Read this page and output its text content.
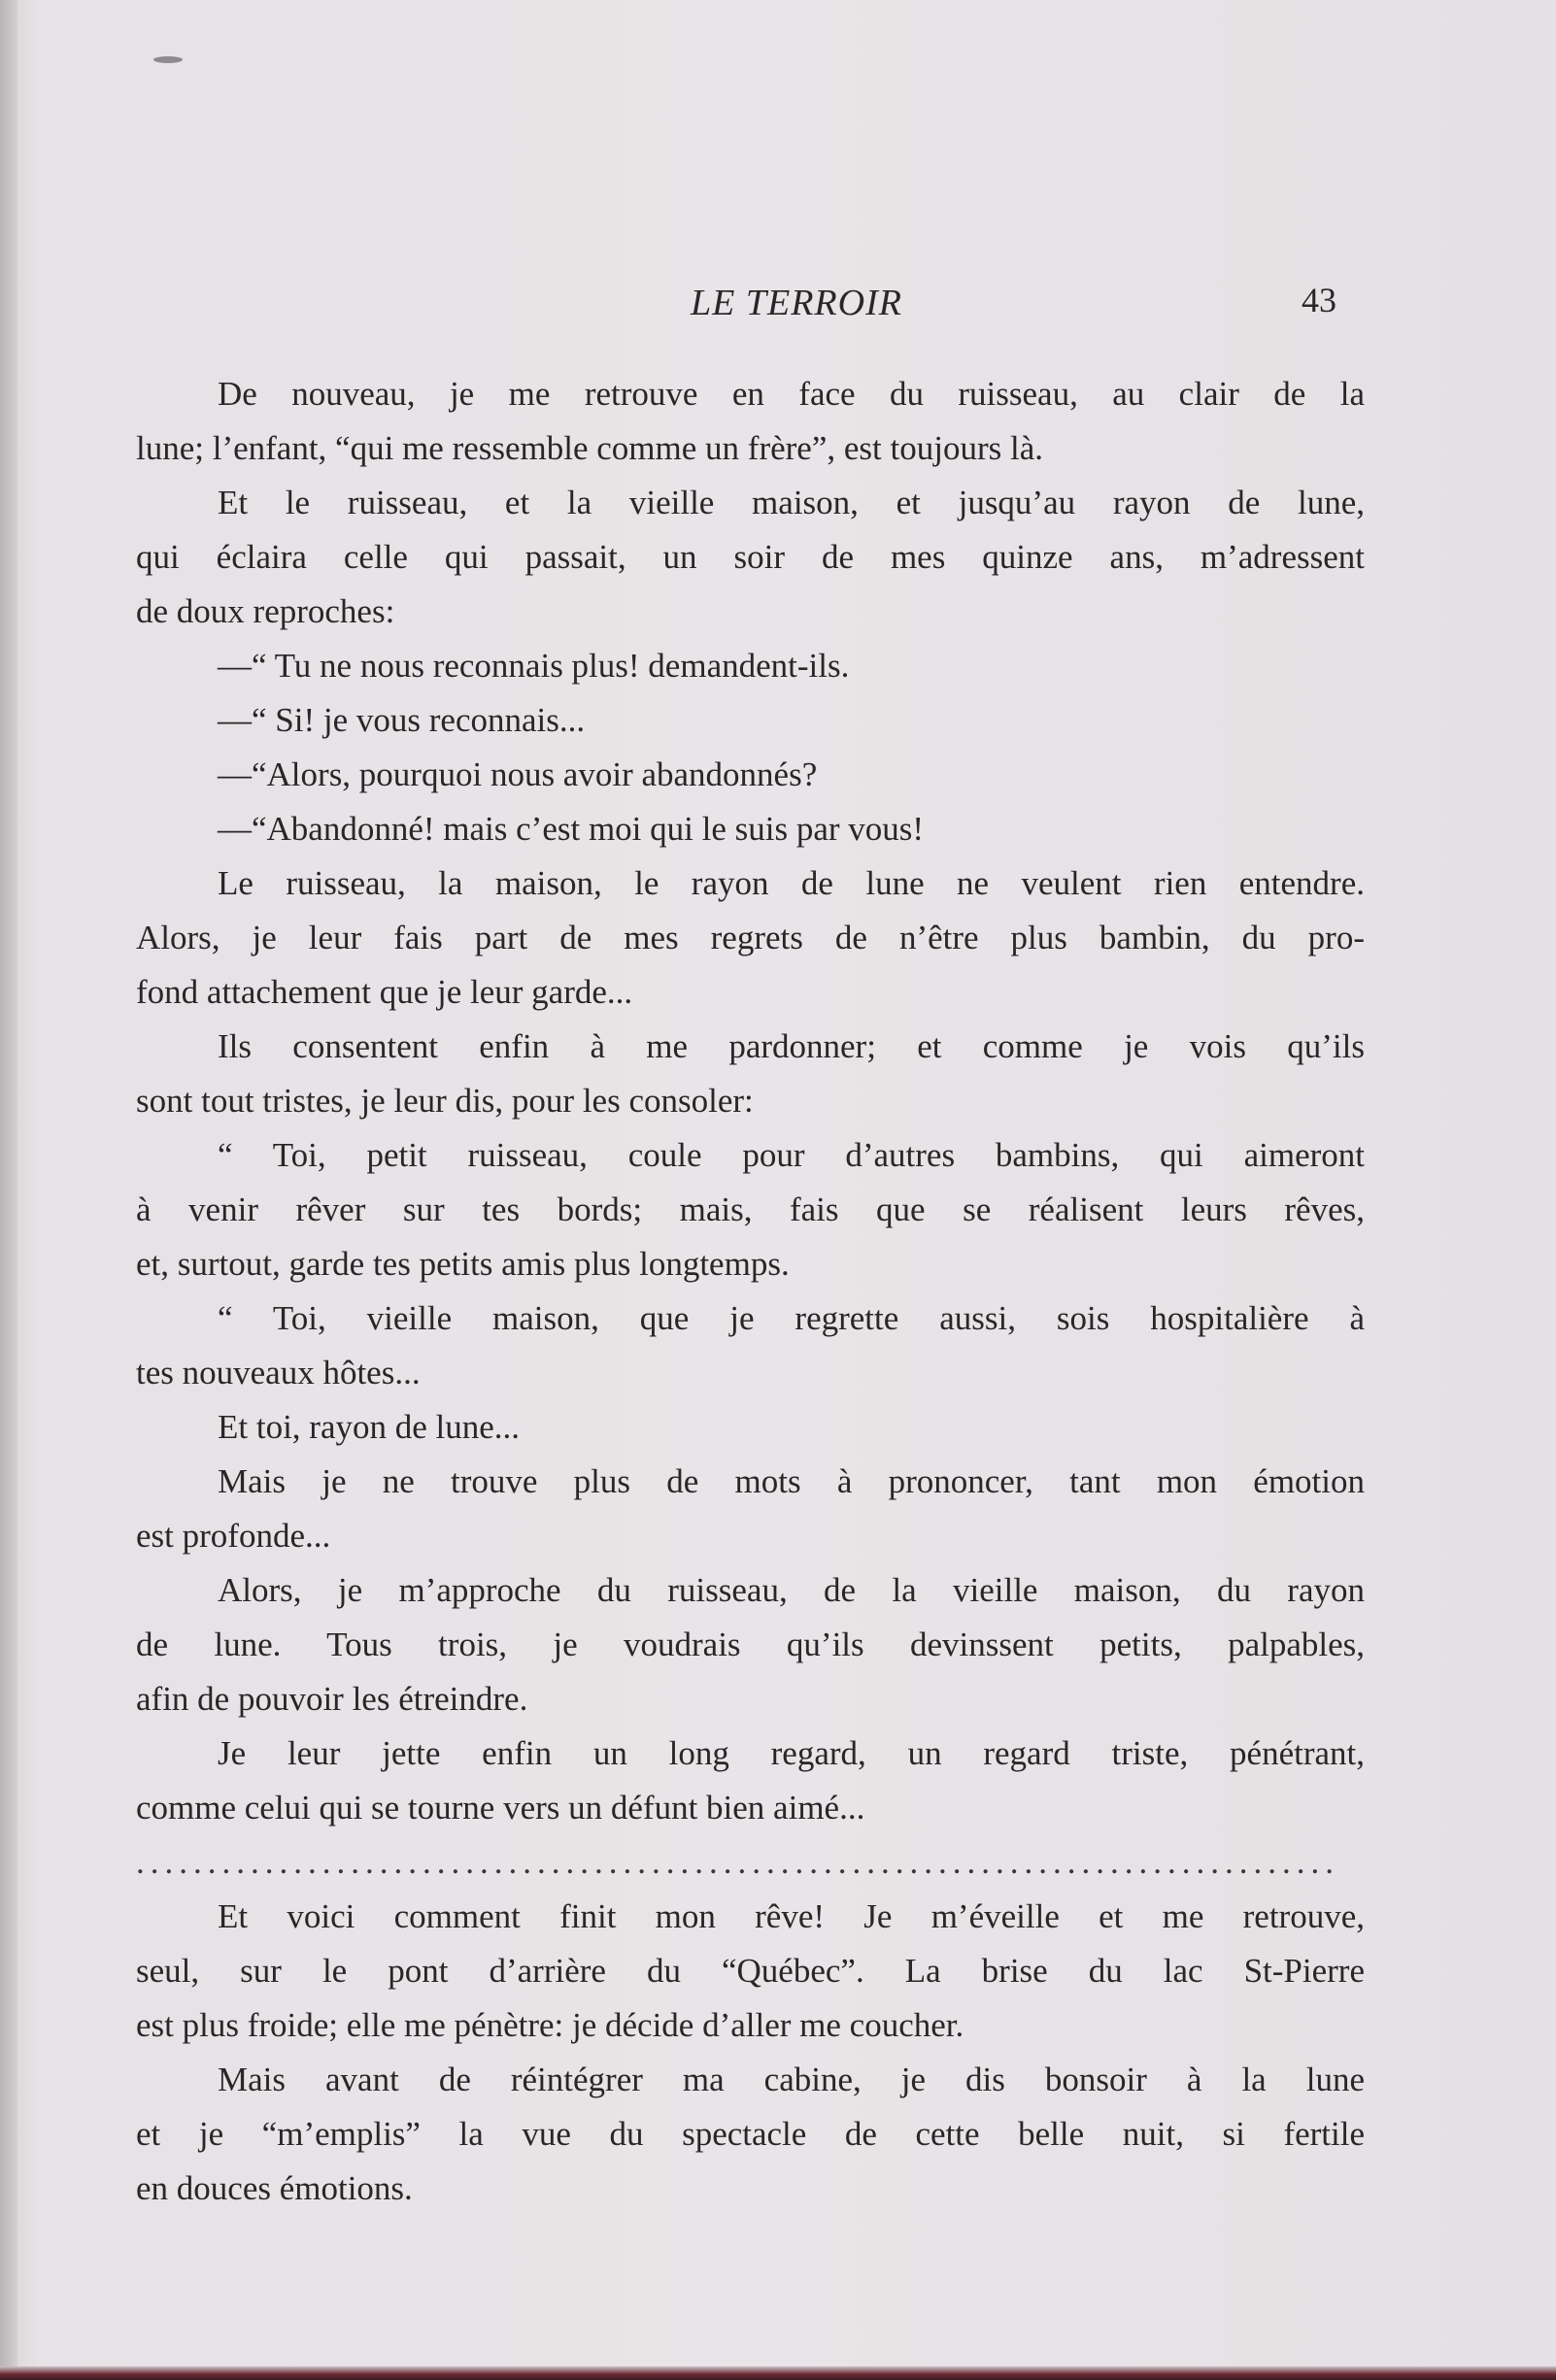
LE TERROIR	43
De nouveau, je me retrouve en face du ruisseau, au clair de la
lune; l’enfant, “qui me ressemble comme un frère”, est toujours là.
Et le ruisseau, et la vieille maison, et jusqu’au rayon de lune,
qui éclaira celle qui passait, un soir de mes quinze ans, m’adressent
de doux reproches:
—“ Tu ne nous reconnais plus! demandent-ils.
—“ Si! je vous reconnais...
—“Alors, pourquoi nous avoir abandonnés?
—“Abandonné! mais c’est moi qui le suis par vous!
Le ruisseau, la maison, le rayon de lune ne veulent rien entendre.
Alors, je leur fais part de mes regrets de n’être plus bambin, du pro-
fond attachement que je leur garde...
Ils consentent enfin à me pardonner; et comme je vois qu’ils
sont tout tristes, je leur dis, pour les consoler:
“ Toi, petit ruisseau, coule pour d’autres bambins, qui aimeront
à venir rêver sur tes bords; mais, fais que se réalisent leurs rêves,
et, surtout, garde tes petits amis plus longtemps.
“ Toi, vieille maison, que je regrette aussi, sois hospitalière à
tes nouveaux hôtes...
Et toi, rayon de lune...
Mais je ne trouve plus de mots à prononcer, tant mon émotion
est profonde...
Alors, je m’approche du ruisseau, de la vieille maison, du rayon
de lune. Tous trois, je voudrais qu’ils devinssent petits, palpables,
afin de pouvoir les étreindre.
Je leur jette enfin un long regard, un regard triste, pénétrant,
comme celui qui se tourne vers un défunt bien aimé...
....................................................................................
Et voici comment finit mon rêve! Je m’éveille et me retrouve,
seul, sur le pont d’arrière du “Québec”. La brise du lac St-Pierre
est plus froide; elle me pénètre: je décide d’aller me coucher.
Mais avant de réintégrer ma cabine, je dis bonsoir à la lune
et je “m’emplis” la vue du spectacle de cette belle nuit, si fertile
en douces émotions.
